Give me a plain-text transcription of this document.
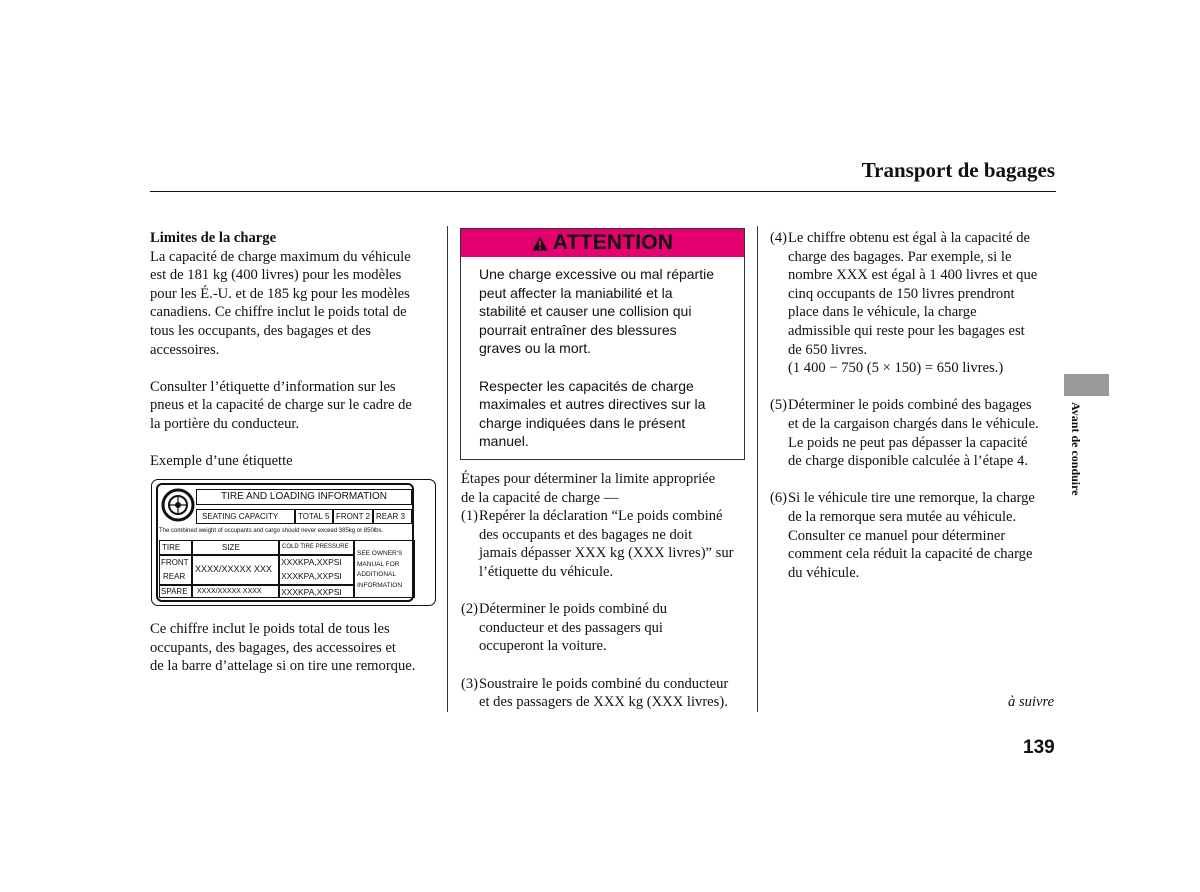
Transport de bagages

Limites de la charge

La capacité de charge maximum du véhicule
est de 181 kg (400 livres) pour les modèles
pour les É.-U. et de 185 kg pour les modèles
canadiens. Ce chiffre inclut le poids total de
tous les occupants, des bagages et des
accessoires.

Consulter l’étiquette d’information sur les
pneus et la capacité de charge sur le cadre de
la portière du conducteur.

Exemple d’une étiquette

TIRE AND LOADING INFORMATION
SEATING CAPACITY TOTAL 5 FRONT 2 REAR 3
The combined weight of occupants and cargo should never exceed 385kg or 850lbs.
TIRE	SIZE	COLD TIRE PRESSURE
FRONT
REAR
SPARE
XXXX/XXXXX XXX
XXXX/XXXXX XXXX
XXXKPA,XXPSI
XXXKPA,XXPSI
XXXKPA,XXPSI
SEE OWNER'S
MANUAL FOR
ADDITIONAL
INFORMATION

Ce chiffre inclut le poids total de tous les
occupants, des bagages, des accessoires et
de la barre d’attelage si on tire une remorque.

ATTENTION

Une charge excessive ou mal répartie
peut affecter la maniabilité et la
stabilité et causer une collision qui
pourrait entraîner des blessures
graves ou la mort.

Respecter les capacités de charge
maximales et autres directives sur la
charge indiquées dans le présent
manuel.

Étapes pour déterminer la limite appropriée
de la capacité de charge —

(1) Repérer la déclaration “Le poids combiné
des occupants et des bagages ne doit
jamais dépasser XXX kg (XXX livres)” sur
l’étiquette du véhicule.
(2) Déterminer le poids combiné du
conducteur et des passagers qui
occuperont la voiture.
(3) Soustraire le poids combiné du conducteur
et des passagers de XXX kg (XXX livres).
(4) Le chiffre obtenu est égal à la capacité de
charge des bagages. Par exemple, si le
nombre XXX est égal à 1 400 livres et que
cinq occupants de 150 livres prendront
place dans le véhicule, la charge
admissible qui reste pour les bagages est
de 650 livres.
(1 400 − 750 (5 × 150) = 650 livres.)
(5) Déterminer le poids combiné des bagages
et de la cargaison chargés dans le véhicule.
Le poids ne peut pas dépasser la capacité
de charge disponible calculée à l’étape 4.
(6) Si le véhicule tire une remorque, la charge
de la remorque sera mutée au véhicule.
Consulter ce manuel pour déterminer
comment cela réduit la capacité de charge
du véhicule.
Avant de conduire
à suivre
139
